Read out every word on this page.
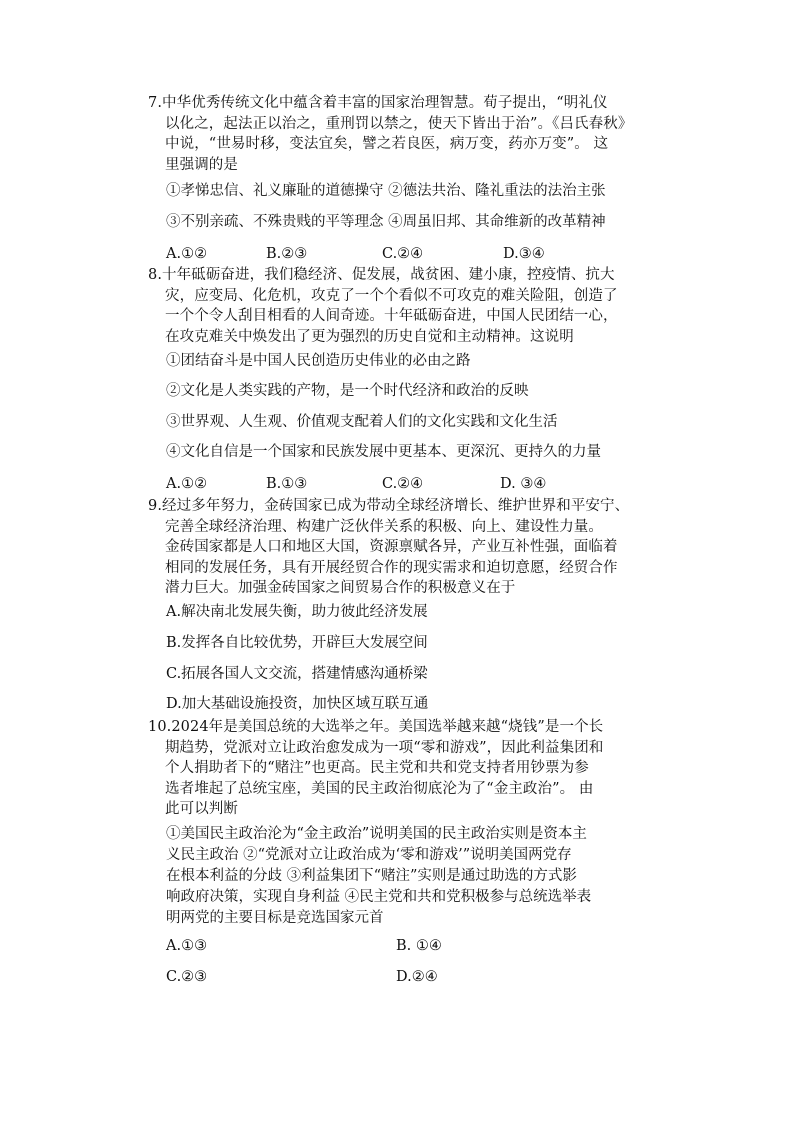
7.中华优秀传统文化中蕴含着丰富的国家治理智慧。荀子提出，“明礼仪
以化之，起法正以治之，重刑罚以禁之，使天下皆出于治”。《吕氏春秋》
中说，“世易时移，变法宜矣，譬之若良医，病万变，药亦万变”。 这
里强调的是
①孝悌忠信、礼义廉耻的道德操守 ②德法共治、隆礼重法的法治主张
③不别亲疏、不殊贵贱的平等理念 ④周虽旧邦、其命维新的改革精神
A.①②	B.②③	C.②④	D.③④
8.十年砥砺奋进，我们稳经济、促发展，战贫困、建小康，控疫情、抗大
灾，应变局、化危机，攻克了一个个看似不可攻克的难关险阻，创造了
一个个令人刮目相看的人间奇迹。十年砥砺奋进，中国人民团结一心，
在攻克难关中焕发出了更为强烈的历史自觉和主动精神。这说明
①团结奋斗是中国人民创造历史伟业的必由之路
②文化是人类实践的产物，是一个时代经济和政治的反映
③世界观、人生观、价值观支配着人们的文化实践和文化生活
④文化自信是一个国家和民族发展中更基本、更深沉、更持久的力量
A.①②	B.①③	C.②④	D. ③④
9.经过多年努力，金砖国家已成为带动全球经济增长、维护世界和平安宁、
完善全球经济治理、构建广泛伙伴关系的积极、向上、建设性力量。
金砖国家都是人口和地区大国，资源禀赋各异，产业互补性强，面临着
相同的发展任务，具有开展经贸合作的现实需求和迫切意愿，经贸合作
潜力巨大。加强金砖国家之间贸易合作的积极意义在于
A.解决南北发展失衡，助力彼此经济发展
B.发挥各自比较优势，开辟巨大发展空间
C.拓展各国人文交流，搭建情感沟通桥梁
D.加大基础设施投资，加快区域互联互通
10.2024年是美国总统的大选举之年。美国选举越来越“烧钱”是一个长
期趋势，党派对立让政治愈发成为一项“零和游戏”，因此利益集团和
个人捐助者下的“赌注”也更高。民主党和共和党支持者用钞票为参
选者堆起了总统宝座，美国的民主政治彻底沦为了“金主政治”。 由
此可以判断
①美国民主政治沦为“金主政治”说明美国的民主政治实则是资本主
义民主政治 ②“党派对立让政治成为‘零和游戏’”说明美国两党存
在根本利益的分歧 ③利益集团下“赌注”实则是通过助选的方式影
响政府决策，实现自身利益 ④民主党和共和党积极参与总统选举表
明两党的主要目标是竞选国家元首
A.①③	B. ①④
C.②③	D.②④
